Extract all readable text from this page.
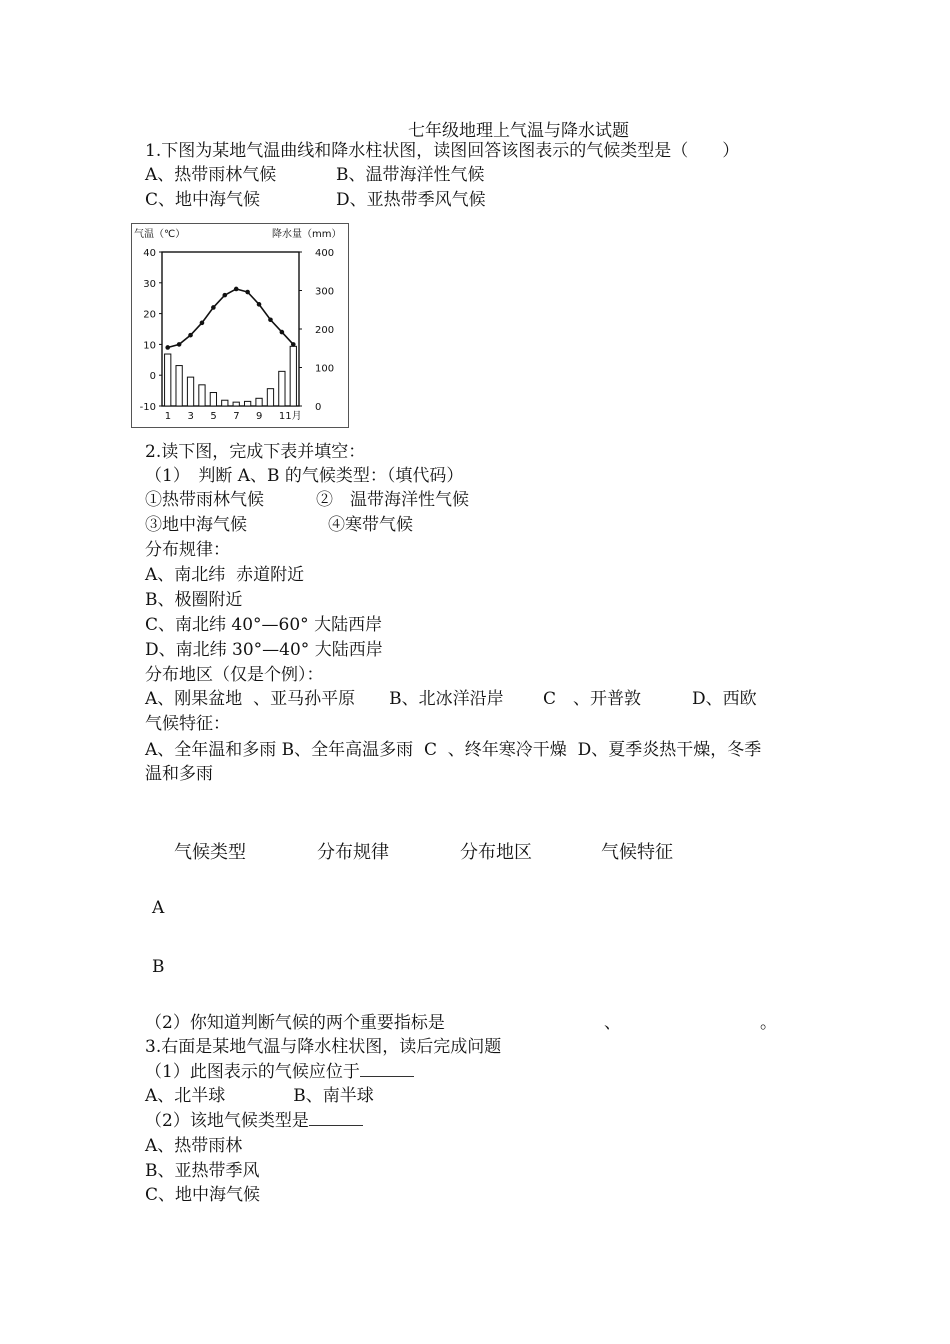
七年级地理上气温与降水试题
1.下图为某地气温曲线和降水柱状图，读图回答该图表示的气候类型是（　　）
A、热带雨林气候	B、温带海洋性气候
C、地中海气候	D、亚热带季风气候
气温（℃）	降水量（mm）
40
30
20
10
0
-10
400
300
200
100
0
1 3 5 7 9 11月
2.读下图，完成下表并填空：
（1）　判断 A、B 的气候类型：（填代码）
①热带雨林气候	②　温带海洋性气候
③地中海气候	④寒带气候
分布规律：
A、南北纬  赤道附近
B、极圈附近
C、南北纬 40°—60° 大陆西岸
D、南北纬 30°—40° 大陆西岸
分布地区（仅是个例）：
A、刚果盆地  、亚马孙平原　　B、北冰洋沿岸　　 C　、开普敦　　　D、西欧
气候特征：
A、全年温和多雨 B、全年高温多雨  C  、终年寒冷干燥  D、夏季炎热干燥，冬季
温和多雨
气候类型	分布规律	分布地区	气候特征
A
B
（2）你知道判断气候的两个重要指标是	、	。
3.右面是某地气温与降水柱状图，读后完成问题
（1）此图表示的气候应位于
A、北半球　　　　B、南半球
（2）该地气候类型是
A、热带雨林
B、亚热带季风
C、地中海气候
